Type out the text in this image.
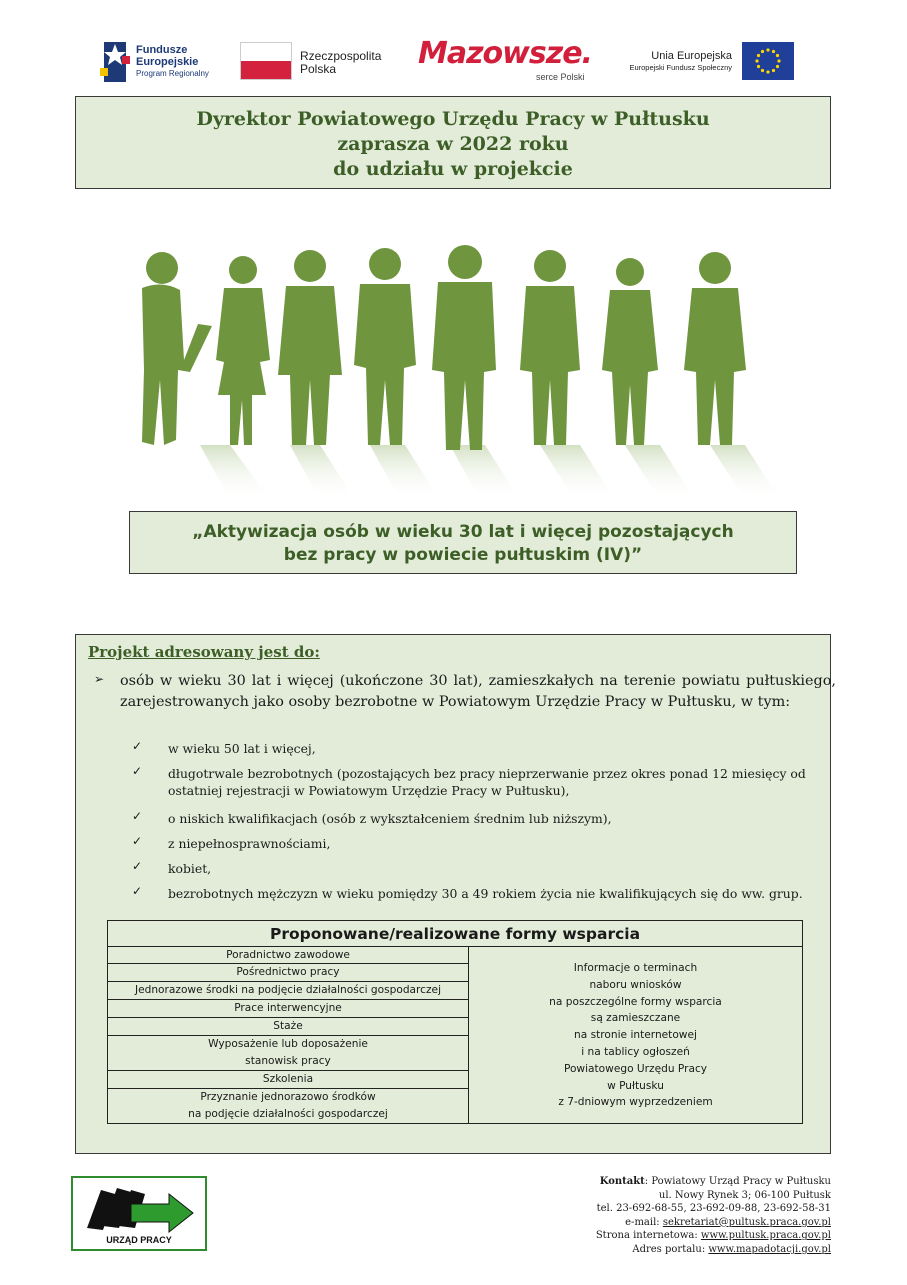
Fundusze
Europejskie
Program Regionalny
Rzeczpospolita
Polska	Mazowsze.
serce Polski
Unia Europejska
Europejski Fundusz Społeczny
Dyrektor Powiatowego Urzędu Pracy w Pułtusku
zaprasza w 2022 roku
do udziału w projekcie
„Aktywizacja osób w wieku 30 lat i więcej pozostających
bez pracy w powiecie pułtuskim (IV)”
Projekt adresowany jest do:
➢ osób w wieku 30 lat i więcej (ukończone 30 lat), zamieszkałych na terenie powiatu pułtuskiego, zarejestrowanych jako osoby bezrobotne w Powiatowym Urzędzie Pracy w Pułtusku, w tym:
✓ w wieku 50 lat i więcej,
✓ długotrwale bezrobotnych (pozostających bez pracy nieprzerwanie przez okres ponad 12 miesięcy od ostatniej rejestracji w Powiatowym Urzędzie Pracy w Pułtusku),
✓ o niskich kwalifikacjach (osób z wykształceniem średnim lub niższym),
✓ z niepełnosprawnościami,
✓ kobiet,
✓ bezrobotnych mężczyzn w wieku pomiędzy 30 a 49 rokiem życia nie kwalifikujących się do ww. grup.
Proponowane/realizowane formy wsparcia
Poradnictwo zawodowe
Pośrednictwo pracy
Jednorazowe środki na podjęcie działalności gospodarczej
Prace interwencyjne
Staże
Wyposażenie lub doposażenie
stanowisk pracy
Szkolenia
Przyznanie jednorazowo środków
na podjęcie działalności gospodarczej
Informacje o terminach
naboru wniosków
na poszczególne formy wsparcia
są zamieszczane
na stronie internetowej
i na tablicy ogłoszeń
Powiatowego Urzędu Pracy
w Pułtusku
z 7-dniowym wyprzedzeniem
URZĄD PRACY
Kontakt: Powiatowy Urząd Pracy w Pułtusku
ul. Nowy Rynek 3; 06-100 Pułtusk
tel. 23-692-68-55, 23-692-09-88, 23-692-58-31
e-mail: sekretariat@pultusk.praca.gov.pl
Strona internetowa: www.pultusk.praca.gov.pl
Adres portalu: www.mapadotacji.gov.pl
